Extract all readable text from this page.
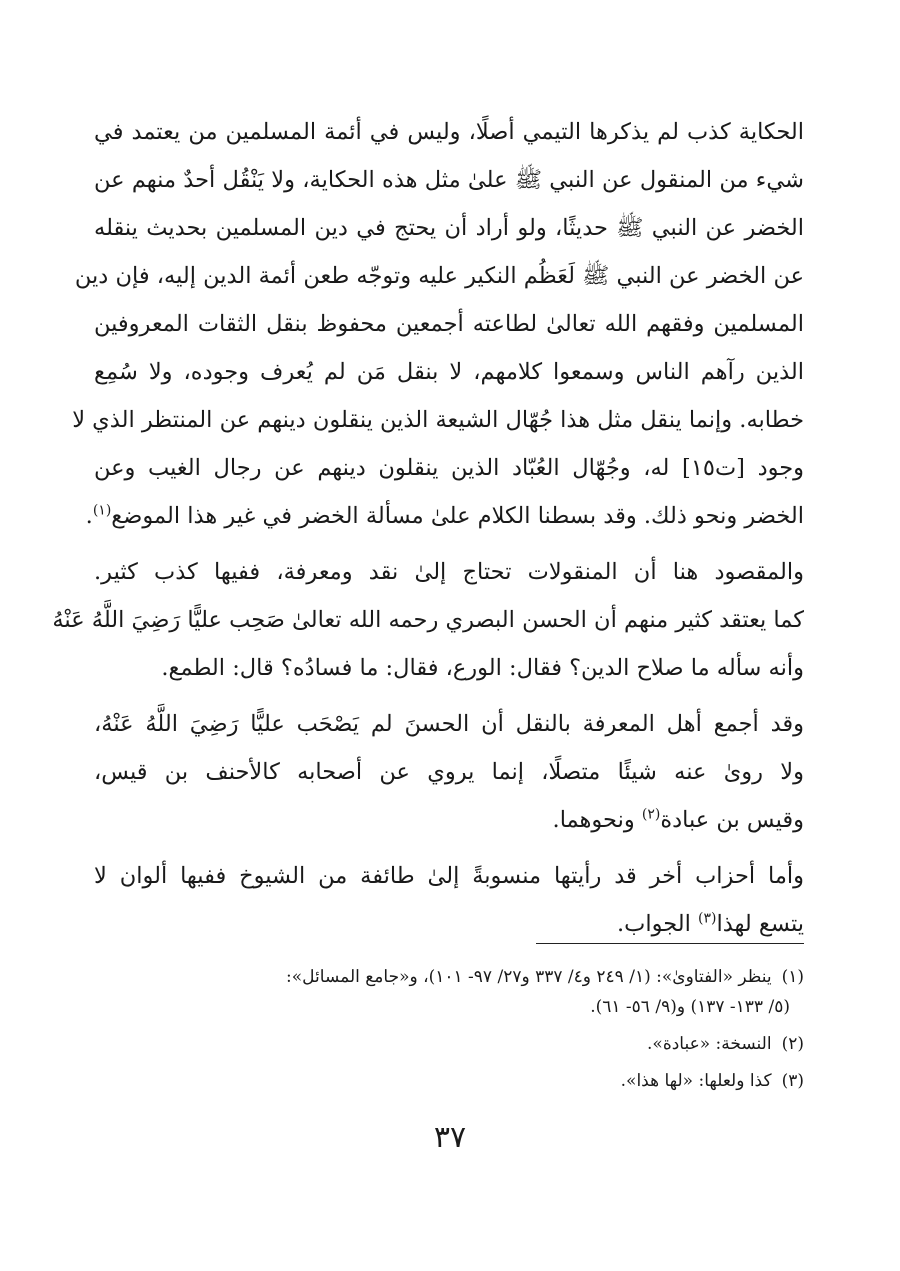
الحكاية كذب لم يذكرها التيمي أصلًا، وليس في أئمة المسلمين من يعتمد في
شيء من المنقول عن النبي ﷺ علىٰ مثل هذه الحكاية، ولا يَنْقُل أحدٌ منهم عن
الخضر عن النبي ﷺ حديثًا، ولو أراد أن يحتج في دين المسلمين بحديث ينقله
عن الخضر عن النبي ﷺ لَعَظُم النكير عليه وتوجّه طعن أئمة الدين إليه، فإن دين
المسلمين وفقهم الله تعالىٰ لطاعته أجمعين محفوظ بنقل الثقات المعروفين
الذين رآهم الناس وسمعوا كلامهم، لا بنقل مَن لم يُعرف وجوده، ولا سُمِع
خطابه. وإنما ينقل مثل هذا جُهّال الشيعة الذين ينقلون دينهم عن المنتظر الذي لا
وجود [ت١٥] له، وجُهّال العُبّاد الذين ينقلون دينهم عن رجال الغيب وعن
الخضر ونحو ذلك. وقد بسطنا الكلام علىٰ مسألة الخضر في غير هذا الموضع$^{(١)}$.

والمقصود هنا أن المنقولات تحتاج إلىٰ نقد ومعرفة، ففيها كذب كثير.
كما يعتقد كثير منهم أن الحسن البصري رحمه الله تعالىٰ صَحِب عليًّا رَضِيَ اللَّهُ عَنْهُ
وأنه سأله ما صلاح الدين؟ فقال: الورع، فقال: ما فسادُه؟ قال: الطمع.

وقد أجمع أهل المعرفة بالنقل أن الحسنَ لم يَصْحَب عليًّا رَضِيَ اللَّهُ عَنْهُ،
ولا روىٰ عنه شيئًا متصلًا، إنما يروي عن أصحابه كالأحنف بن قيس،
وقيس بن عبادة$^{(٢)}$ ونحوهما.

وأما أحزاب أخر قد رأيتها منسوبةً إلىٰ طائفة من الشيوخ ففيها ألوان لا
يتسع لهذا$^{(٣)}$ الجواب.

(١)ينظر «الفتاوىٰ»: (١/ ٢٤٩ و٤/ ٣٣٧ و٢٧/ ٩٧- ١٠١)، و«جامع المسائل»:
(٥/ ١٣٣- ١٣٧) و(٩/ ٥٦- ٦١).
(٢)النسخة: «عبادة».
(٣)كذا ولعلها: «لها هذا».
٣٧
